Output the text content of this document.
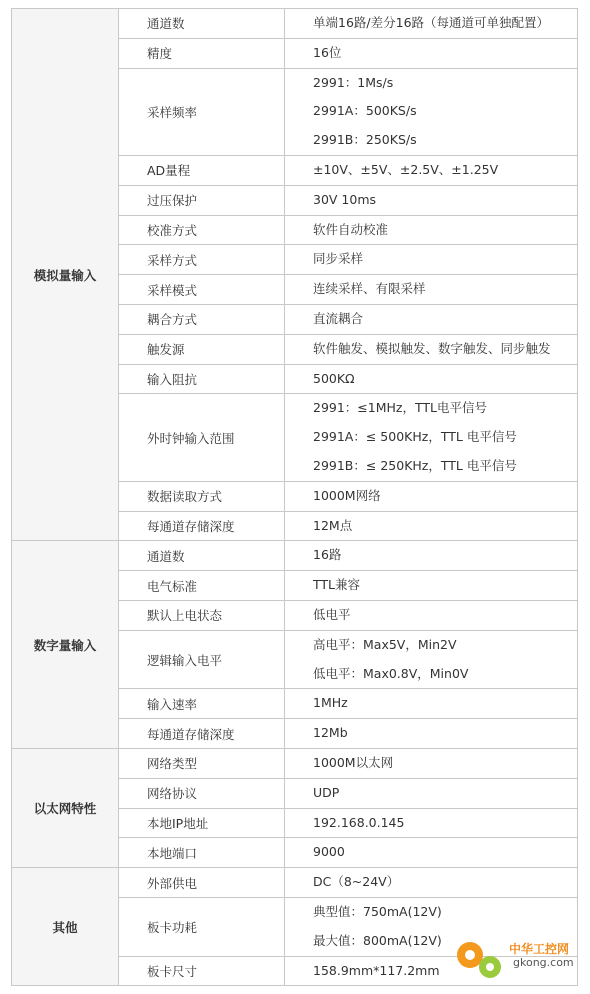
模拟量输入	通道数	单端16路/差分16路（每通道可单独配置）

	精度	16位

	采样频率	2991：1Ms/s
2991A：500KS/s
2991B：250KS/s

	AD量程	±10V、±5V、±2.5V、±1.25V

	过压保护	30V 10ms

	校准方式	软件自动校准

	采样方式	同步采样

	采样模式	连续采样、有限采样

	耦合方式	直流耦合

	触发源	软件触发、模拟触发、数字触发、同步触发

	输入阻抗	500KΩ

	外时钟输入范围	2991：≤1MHz，TTL电平信号
2991A：≤ 500KHz，TTL 电平信号
2991B：≤ 250KHz，TTL 电平信号

	数据读取方式	1000M网络

	每通道存储深度	12M点

数字量输入	通道数	16路

	电气标准	TTL兼容

	默认上电状态	低电平

	逻辑输入电平	高电平：Max5V，Min2V
低电平：Max0.8V，Min0V

	输入速率	1MHz

	每通道存储深度	12Mb

以太网特性	网络类型	1000M以太网

	网络协议	UDP

	本地IP地址	192.168.0.145

	本地端口	9000

其他	外部供电	DC（8~24V）

	板卡功耗	典型值：750mA(12V)
最大值：800mA(12V)

	板卡尺寸	158.9mm*117.2mm
中华工控网
gkong.com
